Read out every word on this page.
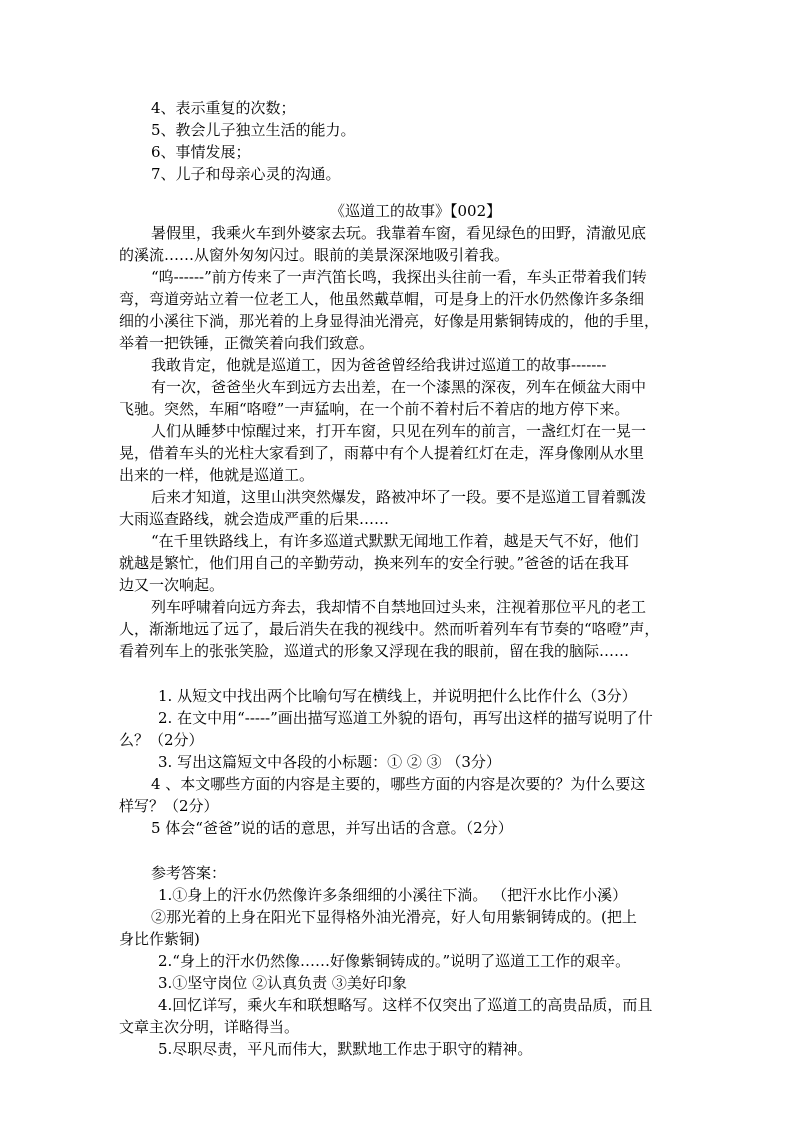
4、表示重复的次数；

5、教会儿子独立生活的能力。

6、事情发展；

7、儿子和母亲心灵的沟通。

《巡道工的故事》【002】

暑假里，我乘火车到外婆家去玩。我靠着车窗，看见绿色的田野，清澈见底

的溪流……从窗外匆匆闪过。眼前的美景深深地吸引着我。

“呜------”前方传来了一声汽笛长鸣，我探出头往前一看，车头正带着我们转

弯，弯道旁站立着一位老工人，他虽然戴草帽，可是身上的汗水仍然像许多条细

细的小溪往下淌，那光着的上身显得油光滑亮，好像是用紫铜铸成的，他的手里，

举着一把铁锤，正微笑着向我们致意。

我敢肯定，他就是巡道工，因为爸爸曾经给我讲过巡道工的故事-------

有一次，爸爸坐火车到远方去出差，在一个漆黑的深夜，列车在倾盆大雨中

飞驰。突然，车厢“咯噔”一声猛响，在一个前不着村后不着店的地方停下来。

人们从睡梦中惊醒过来，打开车窗，只见在列车的前言，一盏红灯在一晃一

晃，借着车头的光柱大家看到了，雨幕中有个人提着红灯在走，浑身像刚从水里

出来的一样，他就是巡道工。

后来才知道，这里山洪突然爆发，路被冲坏了一段。要不是巡道工冒着瓢泼

大雨巡查路线，就会造成严重的后果……

“在千里铁路线上，有许多巡道式默默无闻地工作着，越是天气不好，他们

就越是繁忙，他们用自己的辛勤劳动，换来列车的安全行驶。”爸爸的话在我耳

边又一次响起。

列车呼啸着向远方奔去，我却情不自禁地回过头来，注视着那位平凡的老工

人，渐渐地远了远了，最后消失在我的视线中。然而听着列车有节奏的“咯噔”声，

看着列车上的张张笑脸，巡道式的形象又浮现在我的眼前，留在我的脑际……

1. 从短文中找出两个比喻句写在横线上，并说明把什么比作什么（3分）

2. 在文中用“-----”画出描写巡道工外貌的语句，再写出这样的描写说明了什

么？（2分）

3. 写出这篇短文中各段的小标题：① ② ③ （3分）

4 、本文哪些方面的内容是主要的，哪些方面的内容是次要的？为什么要这

样写？（2分）

5 体会“爸爸”说的话的意思，并写出话的含意。（2分）

参考答案：

1.①身上的汗水仍然像许多条细细的小溪往下淌。 （把汗水比作小溪）

②那光着的上身在阳光下显得格外油光滑亮，好人旬用紫铜铸成的。(把上

身比作紫铜)

2.“身上的汗水仍然像……好像紫铜铸成的。”说明了巡道工工作的艰辛。

3.①坚守岗位 ②认真负责 ③美好印象

4.回忆详写，乘火车和联想略写。这样不仅突出了巡道工的高贵品质，而且

文章主次分明，详略得当。

5.尽职尽责，平凡而伟大，默默地工作忠于职守的精神。
